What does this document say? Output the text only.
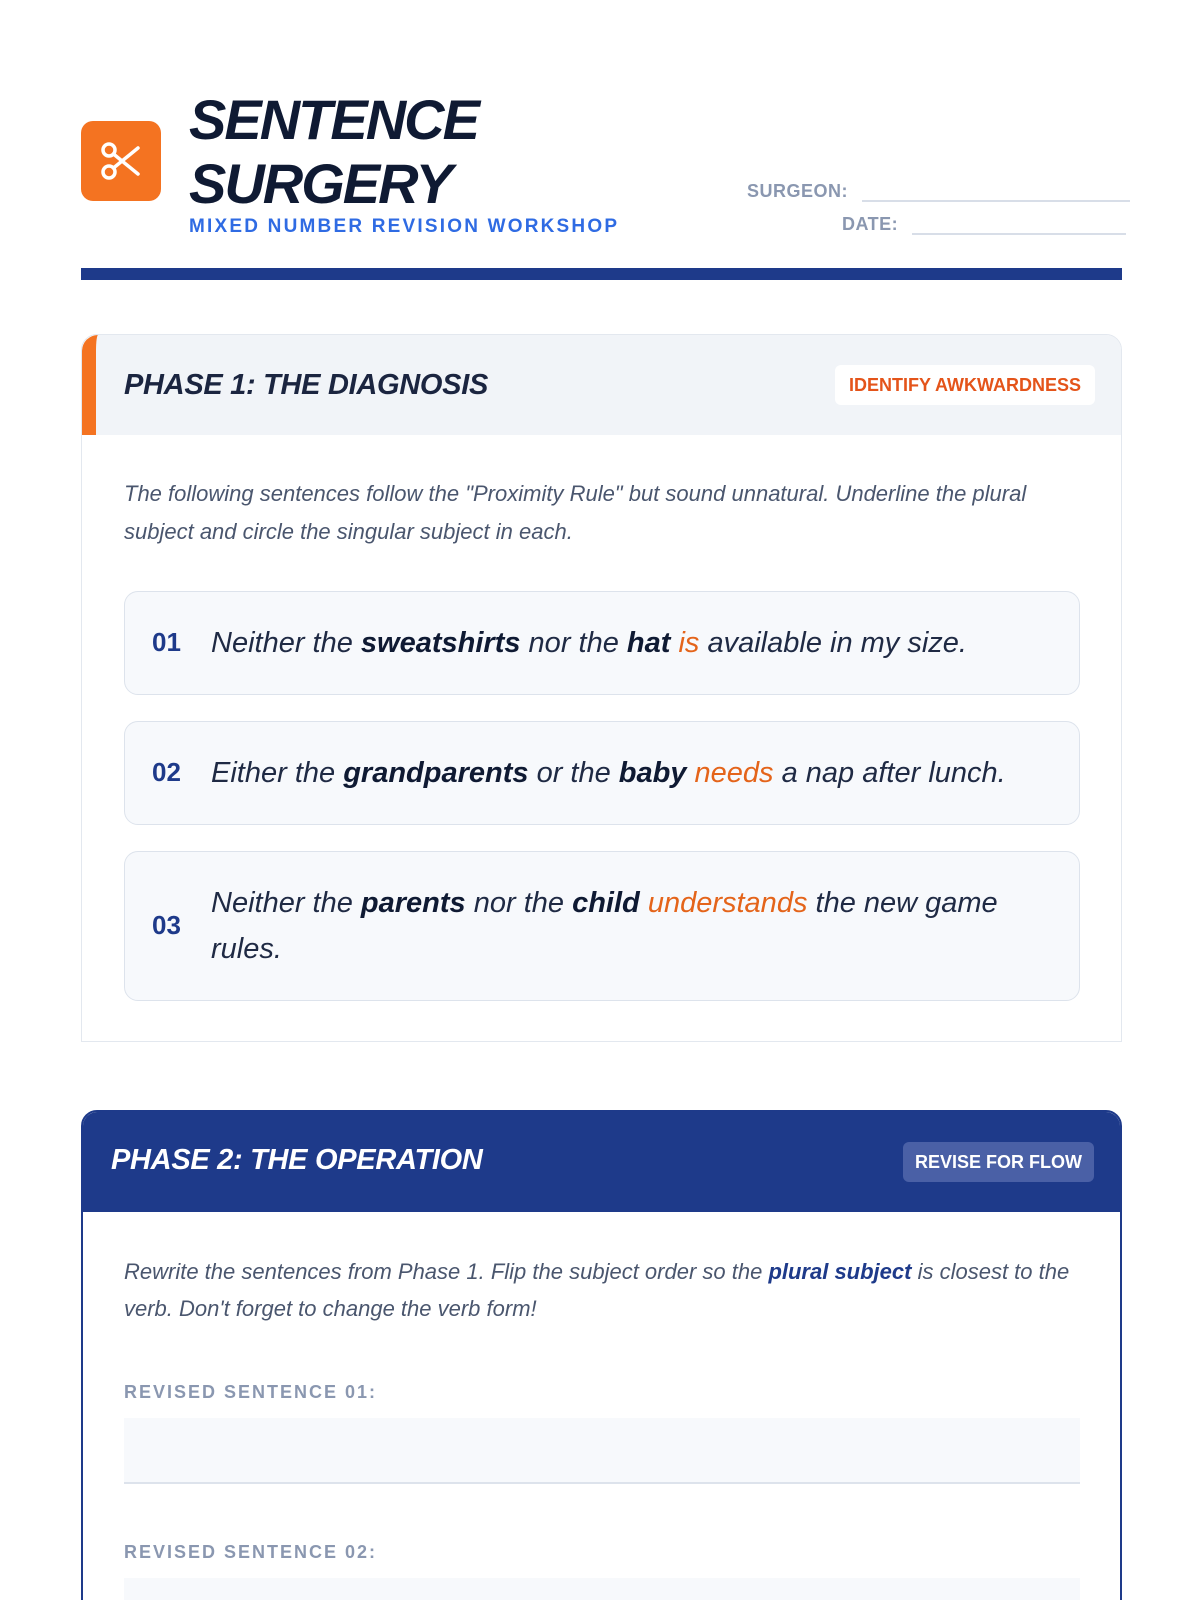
SENTENCE
SURGERY
MIXED NUMBER REVISION WORKSHOP
SURGEON:
DATE:
PHASE 1: THE DIAGNOSIS	IDENTIFY AWKWARDNESS

The following sentences follow the "Proximity Rule" but sound unnatural. Underline the plural subject and circle the singular subject in each.

01 Neither the sweatshirts nor the hat is available in my size.
02 Either the grandparents or the baby needs a nap after lunch.
03
Neither the parents nor the child understands the new game rules.
PHASE 2: THE OPERATION	REVISE FOR FLOW

Rewrite the sentences from Phase 1. Flip the subject order so the plural subject is closest to the verb. Don't forget to change the verb form!

REVISED SENTENCE 01:
REVISED SENTENCE 02:
